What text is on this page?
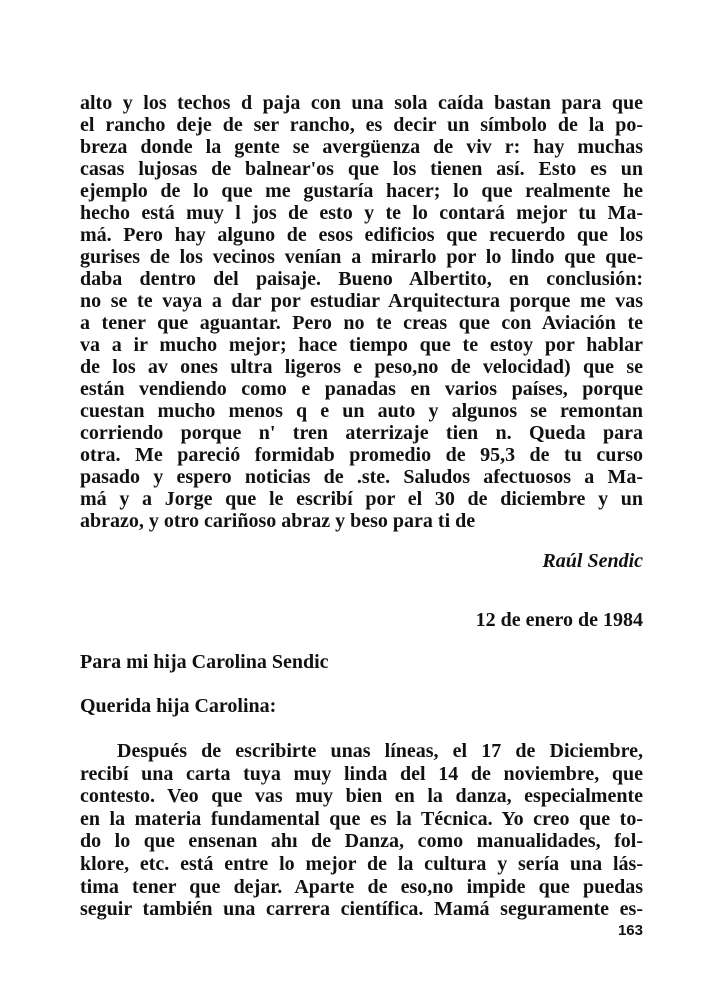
alto y los techos d paja con una sola caída bastan para que
el rancho deje de ser rancho, es decir un símbolo de la po-
breza donde la gente se avergüenza de viv r: hay muchas
casas lujosas de balnear'os que los tienen así. Esto es un
ejemplo de lo que me gustaría hacer; lo que realmente he
hecho está muy l jos de esto y te lo contará mejor tu Ma-
má. Pero hay alguno de esos edificios que recuerdo que los
gurises de los vecinos venían a mirarlo por lo lindo que que-
daba dentro del paisaje. Bueno Albertito, en conclusión:
no se te vaya a dar por estudiar Arquitectura porque me vas
a tener que aguantar. Pero no te creas que con Aviación te
va a ir mucho mejor; hace tiempo que te estoy por hablar
de los av ones ultra ligeros e peso,no de velocidad) que se
están vendiendo como e panadas en varios países, porque
cuestan mucho menos q e un auto y algunos se remontan
corriendo porque n' tren aterrizaje tien n. Queda para
otra. Me pareció formidab promedio de 95,3 de tu curso
pasado y espero noticias de .ste. Saludos afectuosos a Ma-
má y a Jorge que le escribí por el 30 de diciembre y un
abrazo, y otro cariñoso abraz y beso para ti de
Raúl Sendic
12 de enero de 1984
Para mi hija Carolina Sendic
Querida hija Carolina:
Después de escribirte unas líneas, el 17 de Diciembre,
recibí una carta tuya muy linda del 14 de noviembre, que
contesto. Veo que vas muy bien en la danza, especialmente
en la materia fundamental que es la Técnica. Yo creo que to-
do lo que ensenan ahı de Danza, como manualidades, fol-
klore, etc. está entre lo mejor de la cultura y sería una lás-
tima tener que dejar. Aparte de eso,no impide que puedas
seguir también una carrera científica. Mamá seguramente es-
163
